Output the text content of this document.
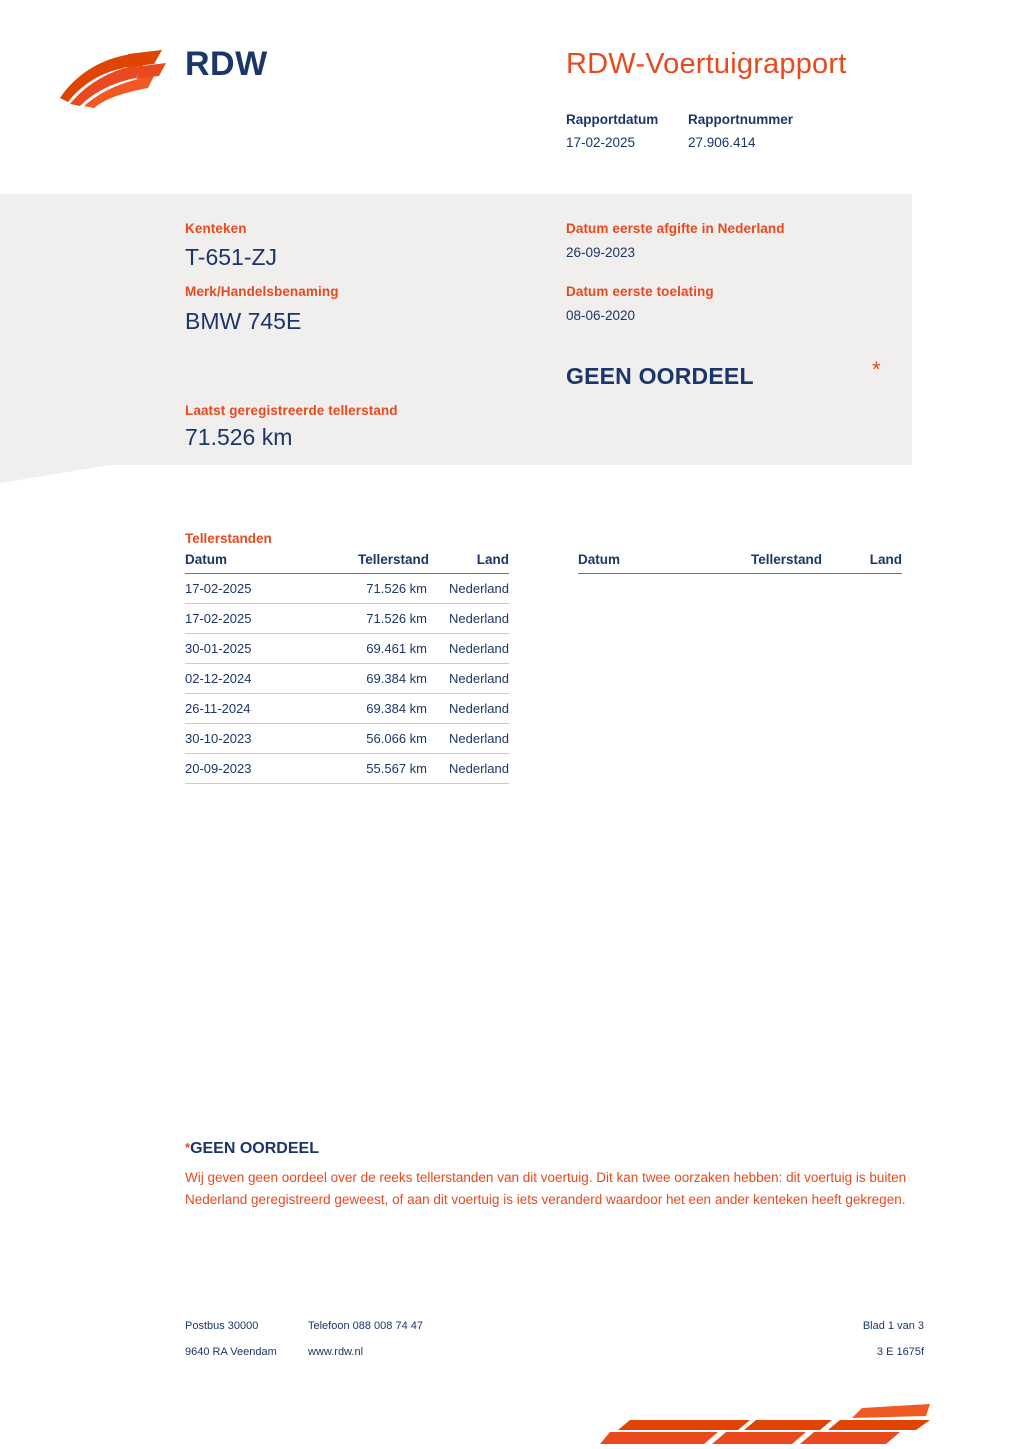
RDW	RDW-Voertuigrapport
Rapportdatum
17-02-2025
Rapportnummer
27.906.414
Kenteken
T-651-ZJ
Merk/Handelsbenaming
BMW 745E
Laatst geregistreerde tellerstand
71.526 km
Datum eerste afgifte in Nederland
26-09-2023
Datum eerste toelating
08-06-2020
GEEN OORDEEL	*
Tellerstanden
Datum	Tellerstand	Land
17-02-2025	71.526 km	Nederland
17-02-2025	71.526 km	Nederland
30-01-2025	69.461 km	Nederland
02-12-2024	69.384 km	Nederland
26-11-2024	69.384 km	Nederland
30-10-2023	56.066 km	Nederland
20-09-2023	55.567 km	Nederland
Datum	Tellerstand	Land
*GEEN OORDEEL
Wij geven geen oordeel over de reeks tellerstanden van dit voertuig. Dit kan twee oorzaken hebben: dit voertuig is buiten Nederland geregistreerd geweest, of aan dit voertuig is iets veranderd waardoor het een ander kenteken heeft gekregen.
Postbus 30000
9640 RA Veendam
Telefoon 088 008 74 47
www.rdw.nl
Blad 1 van 3
3 E 1675f
